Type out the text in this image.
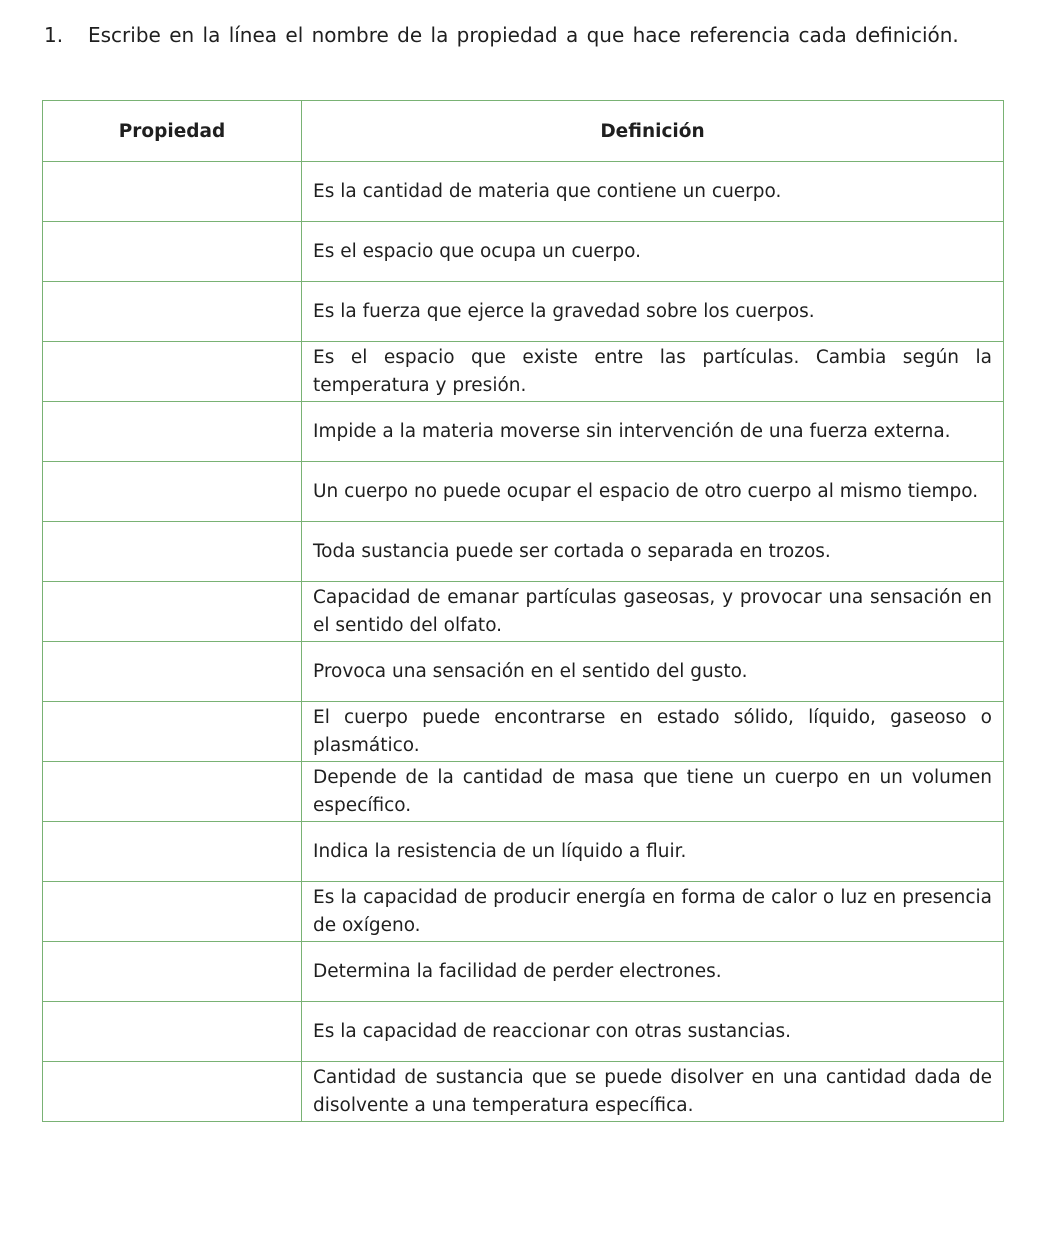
1. Escribe en la línea el nombre de la propiedad a que hace referencia cada definición.
Propiedad	Definición
	Es la cantidad de materia que contiene un cuerpo.
	Es el espacio que ocupa un cuerpo.
	Es la fuerza que ejerce la gravedad sobre los cuerpos.
	Es el espacio que existe entre las partículas. Cambia según la temperatura y presión.
	Impide a la materia moverse sin intervención de una fuerza externa.
	Un cuerpo no puede ocupar el espacio de otro cuerpo al mismo tiempo.
	Toda sustancia puede ser cortada o separada en trozos.
	Capacidad de emanar partículas gaseosas, y provocar una sensación en el sentido del olfato.
	Provoca una sensación en el sentido del gusto.
	El cuerpo puede encontrarse en estado sólido, líquido, gaseoso o plasmático.
	Depende de la cantidad de masa que tiene un cuerpo en un volumen específico.
	Indica la resistencia de un líquido a fluir.
	Es la capacidad de producir energía en forma de calor o luz en presencia de oxígeno.
	Determina la facilidad de perder electrones.
	Es la capacidad de reaccionar con otras sustancias.
	Cantidad de sustancia que se puede disolver en una cantidad dada de disolvente a una temperatura específica.
